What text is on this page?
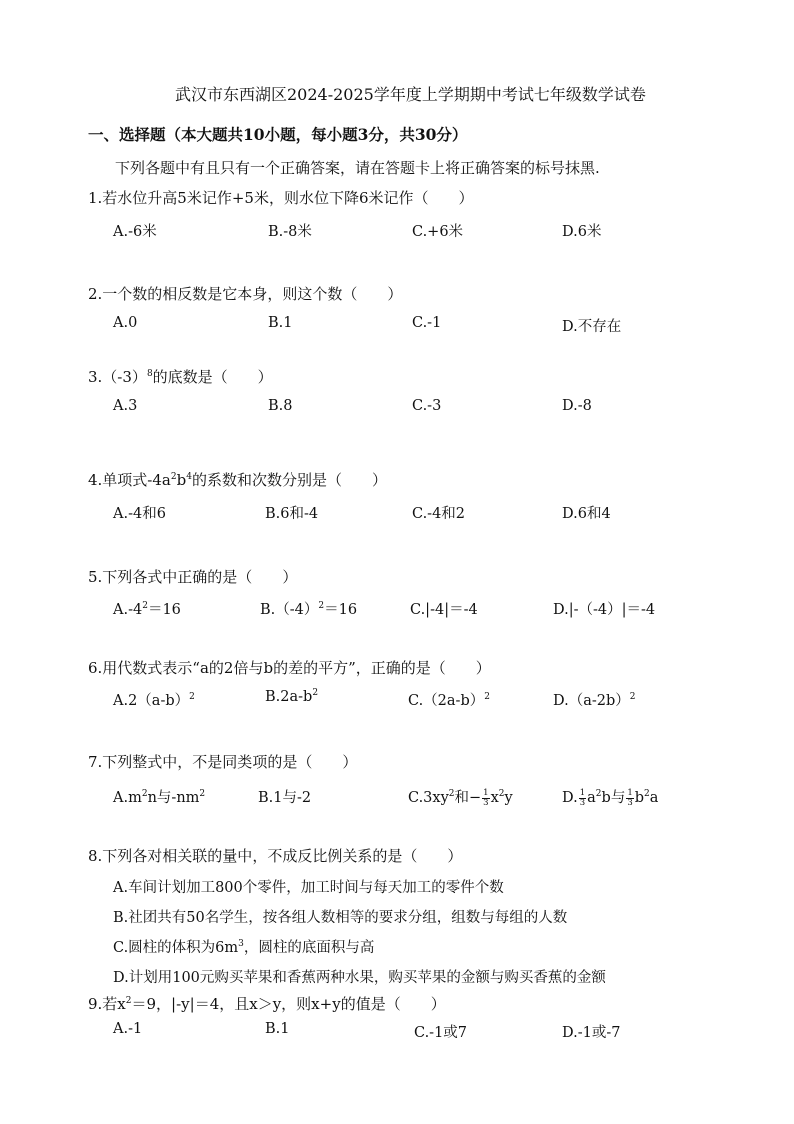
武汉市东西湖区2024-2025学年度上学期期中考试七年级数学试卷
一、选择题（本大题共10小题，每小题3分，共30分）
下列各题中有且只有一个正确答案，请在答题卡上将正确答案的标号抹黑.
1.若水位升高5米记作+5米，则水位下降6米记作（　　）
A.-6米	B.-8米	C.+6米	D.6米
2.一个数的相反数是它本身，则这个数（　　）
A.0	B.1	C.-1	D.不存在
$3.(-3)^8$的底数是（　　）
A.3	B.8	C.-3	D.-8
4.单项式$-4a^2b^4$的系数和次数分别是（　　）
A.-4和6	B.6和-4	C.-4和2	D.6和4
5.下列各式中正确的是（　　）
$A.-4^2=16$	$B.(-4)^2=16$	C.|-4|＝-4	D.|-（-4）|＝-4
6.用代数式表示“a的2倍与b的差的平方”，正确的是（　　）
$A.2(a-b)^2$	$B.2a-b^2$	$C.(2a-b)^2$	$D.(a-2b)^2$
7.下列整式中，不是同类项的是（　　）
$A.m^2n$与$-nm^2$	B.1与-2	$C.3xy^2$和− $\frac{1}{3} x^2y$	D. $\frac{1}{3} a^2b$与 $\frac{1}{3} b^2a$
8.下列各对相关联的量中，不成反比例关系的是（　　）
A.车间计划加工800个零件，加工时间与每天加工的零件个数
B.社团共有50名学生，按各组人数相等的要求分组，组数与每组的人数
C.圆柱的体积为$6m^3$，圆柱的底面积与高
D.计划用100元购买苹果和香蕉两种水果，购买苹果的金额与购买香蕉的金额
9.若$x^2=9$，|-y|＝4，且x＞y，则x+y的值是（　　）
A.-1	B.1	C.-1或7	D.-1或-7
